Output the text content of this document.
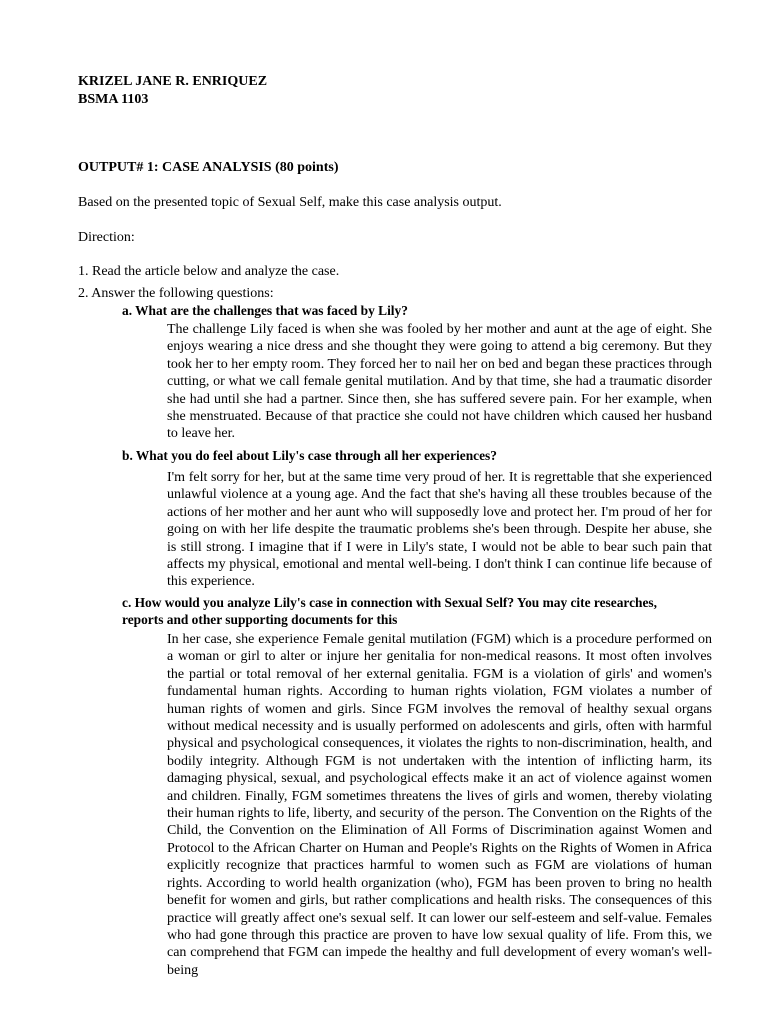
KRIZEL JANE R. ENRIQUEZ
BSMA 1103
OUTPUT# 1: CASE ANALYSIS (80 points)
Based on the presented topic of Sexual Self, make this case analysis output.
Direction:
1. Read the article below and analyze the case.
2. Answer the following questions:
a. What are the challenges that was faced by Lily?
The challenge Lily faced is when she was fooled by her mother and aunt at the age of eight. She enjoys wearing a nice dress and she thought they were going to attend a big ceremony. But they took her to her empty room. They forced her to nail her on bed and began these practices through cutting, or what we call female genital mutilation. And by that time, she had a traumatic disorder she had until she had a partner. Since then, she has suffered severe pain. For her example, when she menstruated. Because of that practice she could not have children which caused her husband to leave her.
b. What you do feel about Lily's case through all her experiences?
I'm felt sorry for her, but at the same time very proud of her. It is regrettable that she experienced unlawful violence at a young age. And the fact that she's having all these troubles because of the actions of her mother and her aunt who will supposedly love and protect her. I'm proud of her for going on with her life despite the traumatic problems she's been through. Despite her abuse, she is still strong. I imagine that if I were in Lily's state, I would not be able to bear such pain that affects my physical, emotional and mental well-being. I don't think I can continue life because of this experience.
c. How would you analyze Lily's case in connection with Sexual Self? You may cite researches, reports and other supporting documents for this
In her case, she experience Female genital mutilation (FGM) which is a procedure performed on a woman or girl to alter or injure her genitalia for non-medical reasons. It most often involves the partial or total removal of her external genitalia. FGM is a violation of girls' and women's fundamental human rights. According to human rights violation, FGM violates a number of human rights of women and girls. Since FGM involves the removal of healthy sexual organs without medical necessity and is usually performed on adolescents and girls, often with harmful physical and psychological consequences, it violates the rights to non-discrimination, health, and bodily integrity. Although FGM is not undertaken with the intention of inflicting harm, its damaging physical, sexual, and psychological effects make it an act of violence against women and children. Finally, FGM sometimes threatens the lives of girls and women, thereby violating their human rights to life, liberty, and security of the person. The Convention on the Rights of the Child, the Convention on the Elimination of All Forms of Discrimination against Women and Protocol to the African Charter on Human and People's Rights on the Rights of Women in Africa explicitly recognize that practices harmful to women such as FGM are violations of human rights. According to world health organization (who), FGM has been proven to bring no health benefit for women and girls, but rather complications and health risks. The consequences of this practice will greatly affect one's sexual self. It can lower our self-esteem and self-value. Females who had gone through this practice are proven to have low sexual quality of life. From this, we can comprehend that FGM can impede the healthy and full development of every woman's well- being
